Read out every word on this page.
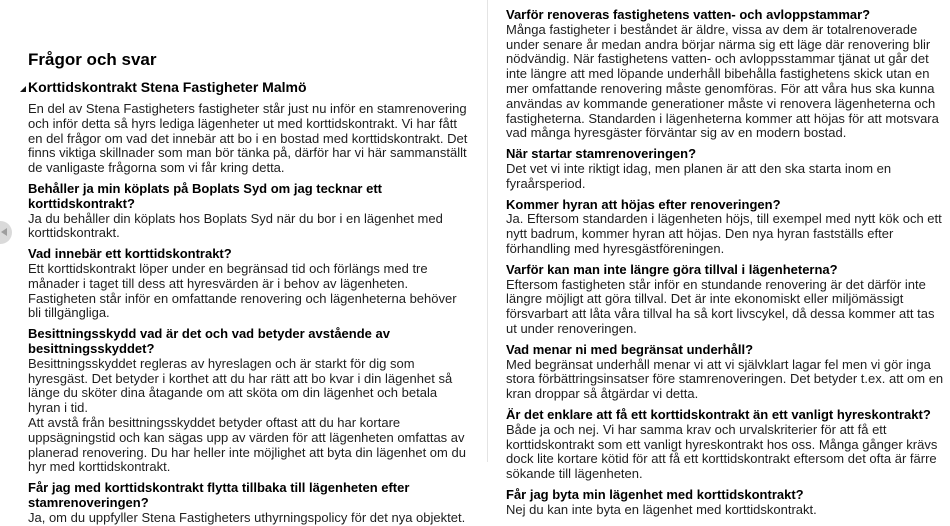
Frågor och svar
Korttidskontrakt Stena Fastigheter Malmö

En del av Stena Fastigheters fastigheter står just nu inför en stamrenovering och inför detta så hyrs lediga lägenheter ut med korttidskontrakt. Vi har fått en del frågor om vad det innebär att bo i en bostad med korttidskontrakt. Det finns viktiga skillnader som man bör tänka på, därför har vi här sammanställt de vanligaste frågorna som vi får kring detta.

Behåller ja min köplats på Boplats Syd om jag tecknar ett korttidskontrakt?
Ja du behåller din köplats hos Boplats Syd när du bor i en lägenhet med korttidskontrakt.
Vad innebär ett korttidskontrakt?
Ett korttidskontrakt löper under en begränsad tid och förlängs med tre månader i taget till dess att hyresvärden är i behov av lägenheten. Fastigheten står inför en omfattande renovering och lägenheterna behöver bli tillgängliga.
Besittningsskydd vad är det och vad betyder avstående av besittningsskyddet?
Besittningsskyddet regleras av hyreslagen och är starkt för dig som hyresgäst. Det betyder i korthet att du har rätt att bo kvar i din lägenhet så länge du sköter dina åtagande om att sköta om din lägenhet och betala hyran i tid.
Att avstå från besittningsskyddet betyder oftast att du har kortare uppsägningstid och kan sägas upp av värden för att lägenheten omfattas av planerad renovering. Du har heller inte möjlighet att byta din lägenhet om du hyr med korttidskontrakt.
Får jag med korttidskontrakt flytta tillbaka till lägenheten efter stamrenoveringen?
Ja, om du uppfyller Stena Fastigheters uthyrningspolicy för det nya objektet.
Varför renoveras fastighetens vatten- och avloppstammar?
Många fastigheter i beståndet är äldre, vissa av dem är totalrenoverade under senare år medan andra börjar närma sig ett läge där renovering blir nödvändig. När fastighetens vatten- och avloppsstammar tjänat ut går det inte längre att med löpande underhåll bibehålla fastighetens skick utan en mer omfattande renovering måste genomföras. För att våra hus ska kunna användas av kommande generationer måste vi renovera lägenheterna och fastigheterna. Standarden i lägenheterna kommer att höjas för att motsvara vad många hyresgäster förväntar sig av en modern bostad.
När startar stamrenoveringen?
Det vet vi inte riktigt idag, men planen är att den ska starta inom en fyraårsperiod.
Kommer hyran att höjas efter renoveringen?
Ja. Eftersom standarden i lägenheten höjs, till exempel med nytt kök och ett nytt badrum, kommer hyran att höjas. Den nya hyran fastställs efter förhandling med hyresgästföreningen.
Varför kan man inte längre göra tillval i lägenheterna?
Eftersom fastigheten står inför en stundande renovering är det därför inte längre möjligt att göra tillval. Det är inte ekonomiskt eller miljömässigt försvarbart att låta våra tillval ha så kort livscykel, då dessa kommer att tas ut under renoveringen.
Vad menar ni med begränsat underhåll?
Med begränsat underhåll menar vi att vi självklart lagar fel men vi gör inga stora förbättringsinsatser före stamrenoveringen. Det betyder t.ex. att om en kran droppar så åtgärdar vi detta.
Är det enklare att få ett korttidskontrakt än ett vanligt hyreskontrakt?
Både ja och nej. Vi har samma krav och urvalskriterier för att få ett korttidskontrakt som ett vanligt hyreskontrakt hos oss. Många gånger krävs dock lite kortare kötid för att få ett korttidskontrakt eftersom det ofta är färre sökande till lägenheten.
Får jag byta min lägenhet med korttidskontrakt?
Nej du kan inte byta en lägenhet med korttidskontrakt.
